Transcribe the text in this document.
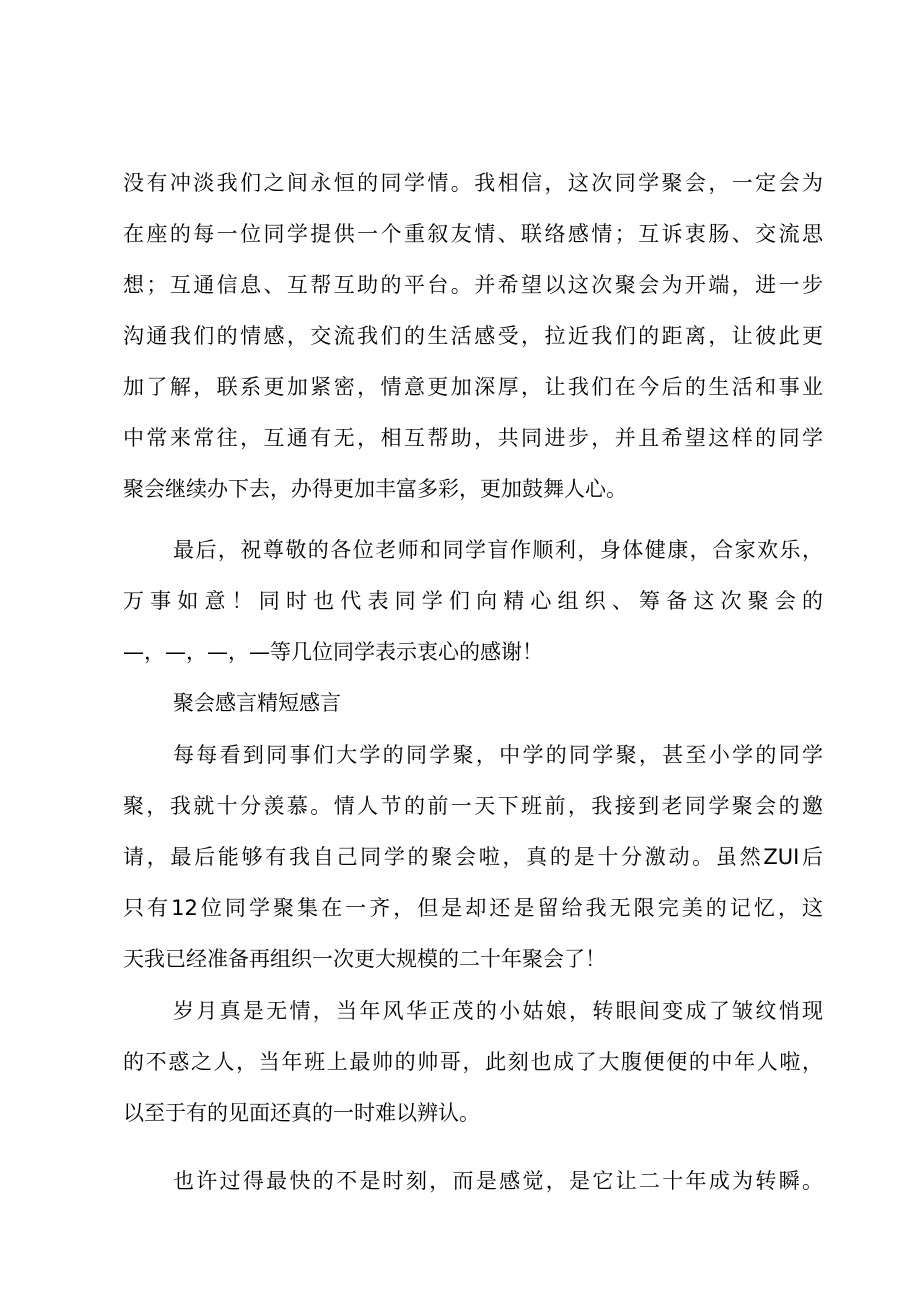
没有冲淡我们之间永恒的同学情。我相信，这次同学聚会，一定会为
在座的每一位同学提供一个重叙友情、联络感情；互诉衷肠、交流思
想；互通信息、互帮互助的平台。并希望以这次聚会为开端，进一步
沟通我们的情感，交流我们的生活感受，拉近我们的距离，让彼此更
加了解，联系更加紧密，情意更加深厚，让我们在今后的生活和事业
中常来常往，互通有无，相互帮助，共同进步，并且希望这样的同学
聚会继续办下去，办得更加丰富多彩，更加鼓舞人心。
最后，祝尊敬的各位老师和同学盲作顺利，身体健康，合家欢乐，
万事如意！同时也代表同学们向精心组织、筹备这次聚会的
—，—，—，—等几位同学表示衷心的感谢！
聚会感言精短感言
每每看到同事们大学的同学聚，中学的同学聚，甚至小学的同学
聚，我就十分羡慕。情人节的前一天下班前，我接到老同学聚会的邀
请，最后能够有我自己同学的聚会啦，真的是十分激动。虽然ZUI后
只有12位同学聚集在一齐，但是却还是留给我无限完美的记忆，这
天我已经准备再组织一次更大规模的二十年聚会了！
岁月真是无情，当年风华正茂的小姑娘，转眼间变成了皱纹悄现
的不惑之人，当年班上最帅的帅哥，此刻也成了大腹便便的中年人啦，
以至于有的见面还真的一时难以辨认。
也许过得最快的不是时刻，而是感觉，是它让二十年成为转瞬。
